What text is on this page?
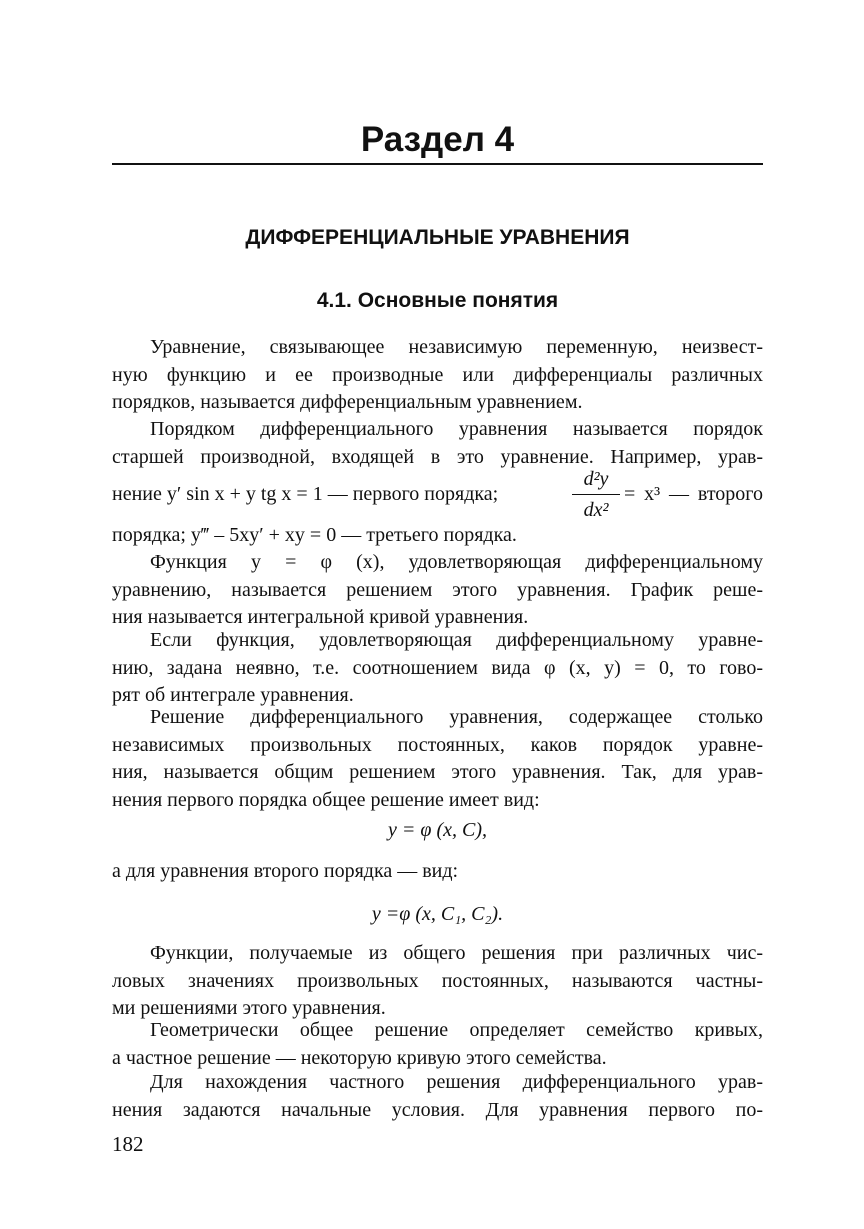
Раздел 4
ДИФФЕРЕНЦИАЛЬНЫЕ УРАВНЕНИЯ
4.1. Основные понятия

Уравнение, связывающее независимую переменную, неизвест-
ную функцию и ее производные или дифференциалы различных
порядков, называется дифференциальным уравнением.

Порядком дифференциального уравнения называется порядок
старшей производной, входящей в это уравнение. Например, урав-

нение y′ sin x + y tg x = 1 — первого порядка;
d²y
dx²
= x³ — второго

порядка; y‴ – 5xy′ + xy = 0 — третьего порядка.

Функция y = φ (x), удовлетворяющая дифференциальному
уравнению, называется решением этого уравнения. График реше-
ния называется интегральной кривой уравнения.

Если функция, удовлетворяющая дифференциальному уравне-
нию, задана неявно, т.е. соотношением вида φ (x, y) = 0, то гово-
рят об интеграле уравнения.

Решение дифференциального уравнения, содержащее столько
независимых произвольных постоянных, каков порядок уравне-
ния, называется общим решением этого уравнения. Так, для урав-
нения первого порядка общее решение имеет вид:

y = φ (x, C),

а для уравнения второго порядка — вид:

y =φ (x, C₁, C₂).

Функции, получаемые из общего решения при различных чис-
ловых значениях произвольных постоянных, называются частны-
ми решениями этого уравнения.

Геометрически общее решение определяет семейство кривых,
а частное решение — некоторую кривую этого семейства.

Для нахождения частного решения дифференциального урав-
нения задаются начальные условия. Для уравнения первого по-

182
